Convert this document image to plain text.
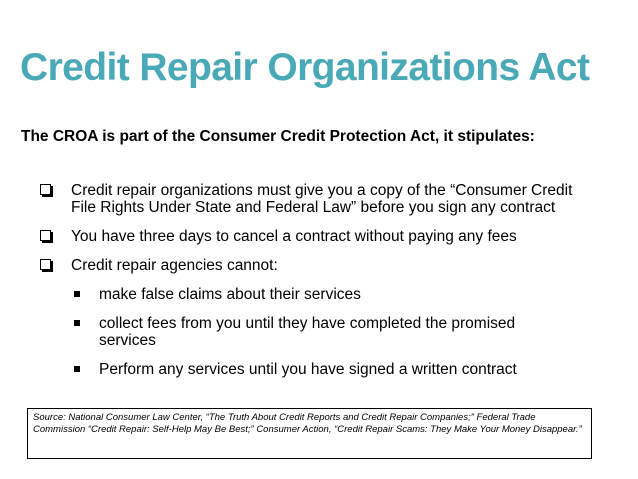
Credit Repair Organizations Act
The CROA is part of the Consumer Credit Protection Act, it stipulates:
Credit repair organizations must give you a copy of the “Consumer Credit File Rights Under State and Federal Law” before you sign any contract
You have three days to cancel a contract without paying any fees
Credit repair agencies cannot:
make false claims about their services
collect fees from you until they have completed the promised services
Perform any services until you have signed a written contract
Source: National Consumer Law Center, “The Truth About Credit Reports and Credit Repair Companies;” Federal Trade Commission “Credit Repair: Self-Help May Be Best;” Consumer Action, “Credit Repair Scams: They Make Your Money Disappear.”
